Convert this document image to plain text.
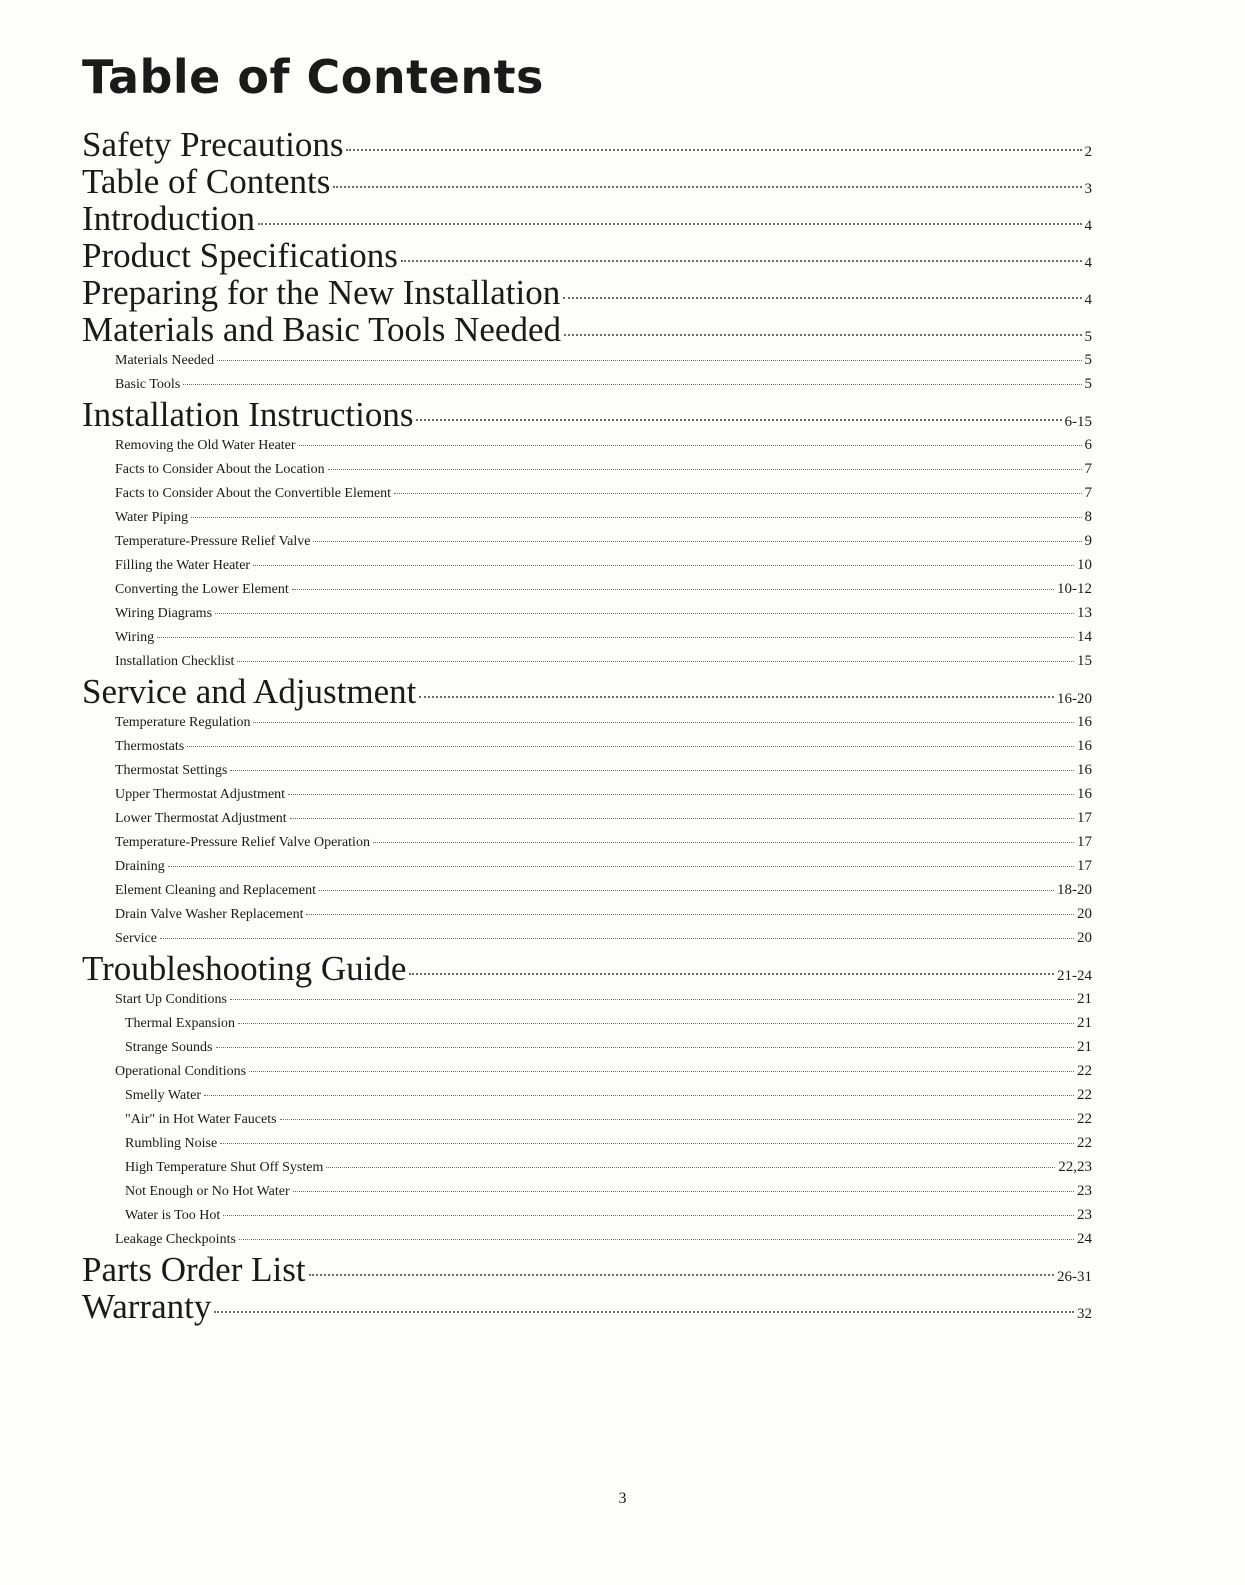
Table of Contents
Safety Precautions	2
Table of Contents	3
Introduction	4
Product Specifications	4
Preparing for the New Installation	4
Materials and Basic Tools Needed	5
Materials Needed	5
Basic Tools	5
Installation Instructions	6-15
Removing the Old Water Heater	6
Facts to Consider About the Location	7
Facts to Consider About the Convertible Element	7
Water Piping	8
Temperature-Pressure Relief Valve	9
Filling the Water Heater	10
Converting the Lower Element	10-12
Wiring Diagrams	13
Wiring	14
Installation Checklist	15
Service and Adjustment	16-20
Temperature Regulation	16
Thermostats	16
Thermostat Settings	16
Upper Thermostat Adjustment	16
Lower Thermostat Adjustment	17
Temperature-Pressure Relief Valve Operation	17
Draining	17
Element Cleaning and Replacement	18-20
Drain Valve Washer Replacement	20
Service	20
Troubleshooting Guide	21-24
Start Up Conditions	21
Thermal Expansion	21
Strange Sounds	21
Operational Conditions	22
Smelly Water	22
"Air" in Hot Water Faucets	22
Rumbling Noise	22
High Temperature Shut Off System	22,23
Not Enough or No Hot Water	23
Water is Too Hot	23
Leakage Checkpoints	24
Parts Order List	26-31
Warranty	32
3
